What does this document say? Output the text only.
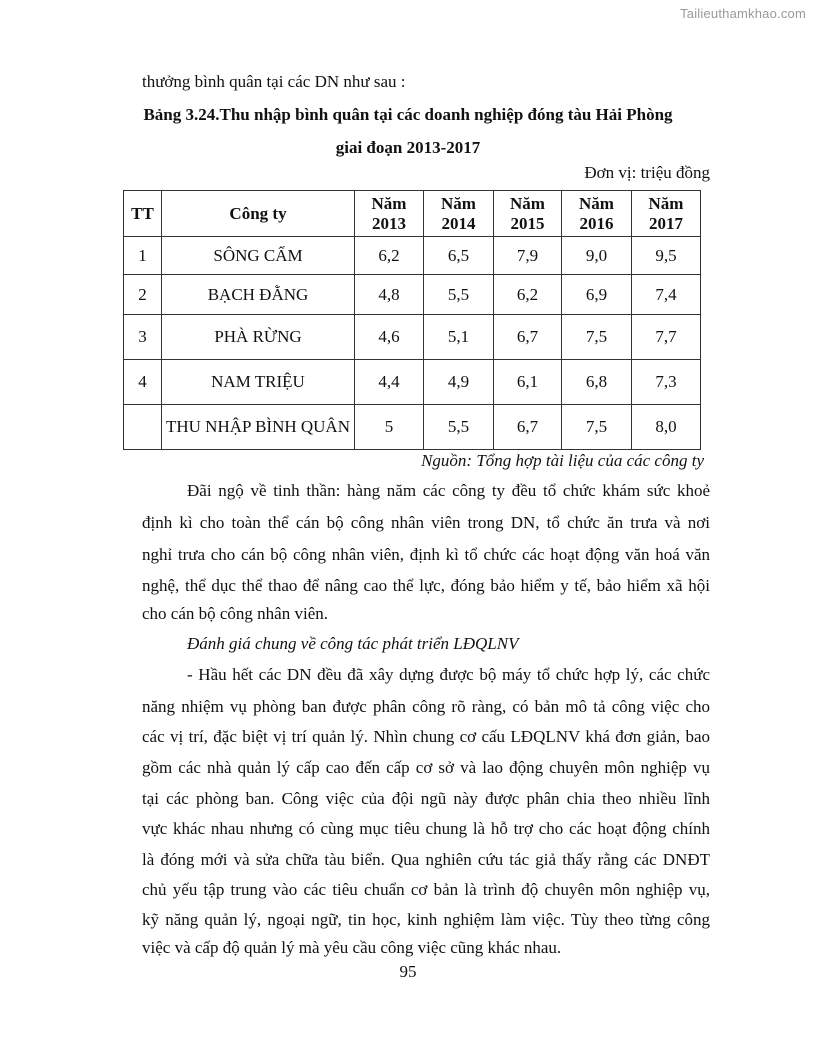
Tailieuthamkhao.com
thưởng bình quân tại các DN như sau :
Bảng 3.24.Thu nhập bình quân tại các doanh nghiệp đóng tàu Hải Phòng
giai đoạn 2013-2017
Đơn vị: triệu đồng
TT	Công ty	Năm 2013	Năm 2014	Năm 2015	Năm 2016	Năm 2017
1	SÔNG CẤM	6,2	6,5	7,9	9,0	9,5
2	BẠCH ĐẰNG	4,8	5,5	6,2	6,9	7,4
3	PHÀ RỪNG	4,6	5,1	6,7	7,5	7,7
4	NAM TRIỆU	4,4	4,9	6,1	6,8	7,3
	THU NHẬP BÌNH QUÂN	5	5,5	6,7	7,5	8,0
Nguồn: Tổng hợp tài liệu của các công ty
Đãi ngộ về tinh thần: hàng năm các công ty đều tổ chức khám sức khoẻ
định kì cho toàn thể cán bộ công nhân viên trong DN, tổ chức ăn trưa và nơi
nghỉ trưa cho cán bộ công nhân viên, định kì tổ chức các hoạt động văn hoá văn
nghệ, thể dục thể thao để nâng cao thể lực, đóng bảo hiểm y tế, bảo hiểm xã hội
cho cán bộ công nhân viên.
Đánh giá chung về công tác phát triển LĐQLNV
- Hầu hết các DN đều đã xây dựng được bộ máy tổ chức hợp lý, các chức
năng nhiệm vụ phòng ban được phân công rõ ràng, có bản mô tả công việc cho
các vị trí, đặc biệt vị trí quản lý. Nhìn chung cơ cấu LĐQLNV khá đơn giản, bao
gồm các nhà quản lý cấp cao đến cấp cơ sở và lao động chuyên môn nghiệp vụ
tại các phòng ban. Công việc của đội ngũ này được phân chia theo nhiều lĩnh
vực khác nhau nhưng có cùng mục tiêu chung là hỗ trợ cho các hoạt động chính
là đóng mới và sửa chữa tàu biển. Qua nghiên cứu tác giả thấy rằng các DNĐT
chủ yếu tập trung vào các tiêu chuẩn cơ bản là trình độ chuyên môn nghiệp vụ,
kỹ năng quản lý, ngoại ngữ, tin học, kinh nghiệm làm việc. Tùy theo từng công
việc và cấp độ quản lý mà yêu cầu công việc cũng khác nhau.
95
